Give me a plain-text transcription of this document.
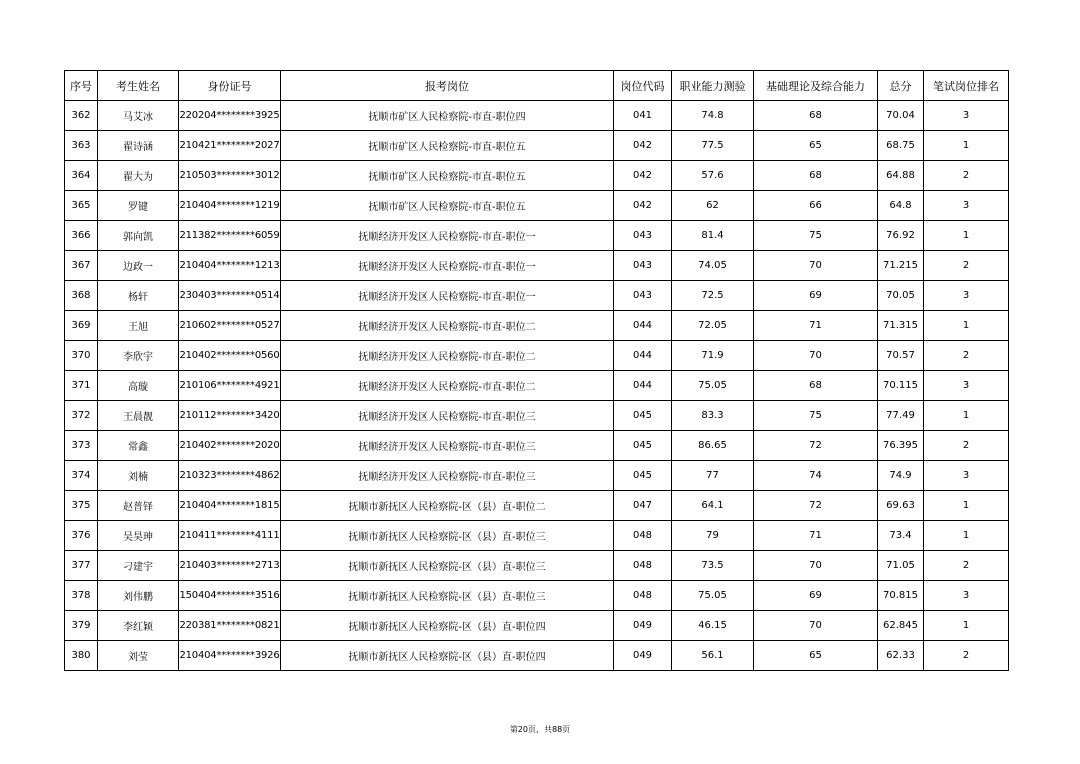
序号	考生姓名	身份证号	报考岗位	岗位代码	职业能力测验	基础理论及综合能力	总分	笔试岗位排名
362	马艾冰	220204********3925	抚顺市矿区人民检察院-市直-职位四	041	74.8	68	70.04	3
363	翟诗涵	210421********2027	抚顺市矿区人民检察院-市直-职位五	042	77.5	65	68.75	1
364	翟大为	210503********3012	抚顺市矿区人民检察院-市直-职位五	042	57.6	68	64.88	2
365	罗键	210404********1219	抚顺市矿区人民检察院-市直-职位五	042	62	66	64.8	3
366	郭向凯	211382********6059	抚顺经济开发区人民检察院-市直-职位一	043	81.4	75	76.92	1
367	边政一	210404********1213	抚顺经济开发区人民检察院-市直-职位一	043	74.05	70	71.215	2
368	杨轩	230403********0514	抚顺经济开发区人民检察院-市直-职位一	043	72.5	69	70.05	3
369	王旭	210602********0527	抚顺经济开发区人民检察院-市直-职位二	044	72.05	71	71.315	1
370	李欣宇	210402********0560	抚顺经济开发区人民检察院-市直-职位二	044	71.9	70	70.57	2
371	高璇	210106********4921	抚顺经济开发区人民检察院-市直-职位二	044	75.05	68	70.115	3
372	王晨靓	210112********3420	抚顺经济开发区人民检察院-市直-职位三	045	83.3	75	77.49	1
373	常鑫	210402********2020	抚顺经济开发区人民检察院-市直-职位三	045	86.65	72	76.395	2
374	刘楠	210323********4862	抚顺经济开发区人民检察院-市直-职位三	045	77	74	74.9	3
375	赵普铎	210404********1815	抚顺市新抚区人民检察院-区（县）直-职位二	047	64.1	72	69.63	1
376	吴昊珅	210411********4111	抚顺市新抚区人民检察院-区（县）直-职位三	048	79	71	73.4	1
377	刁建宇	210403********2713	抚顺市新抚区人民检察院-区（县）直-职位三	048	73.5	70	71.05	2
378	刘伟鹏	150404********3516	抚顺市新抚区人民检察院-区（县）直-职位三	048	75.05	69	70.815	3
379	李红颖	220381********0821	抚顺市新抚区人民检察院-区（县）直-职位四	049	46.15	70	62.845	1
380	刘莹	210404********3926	抚顺市新抚区人民检察院-区（县）直-职位四	049	56.1	65	62.33	2
第20页，共88页
